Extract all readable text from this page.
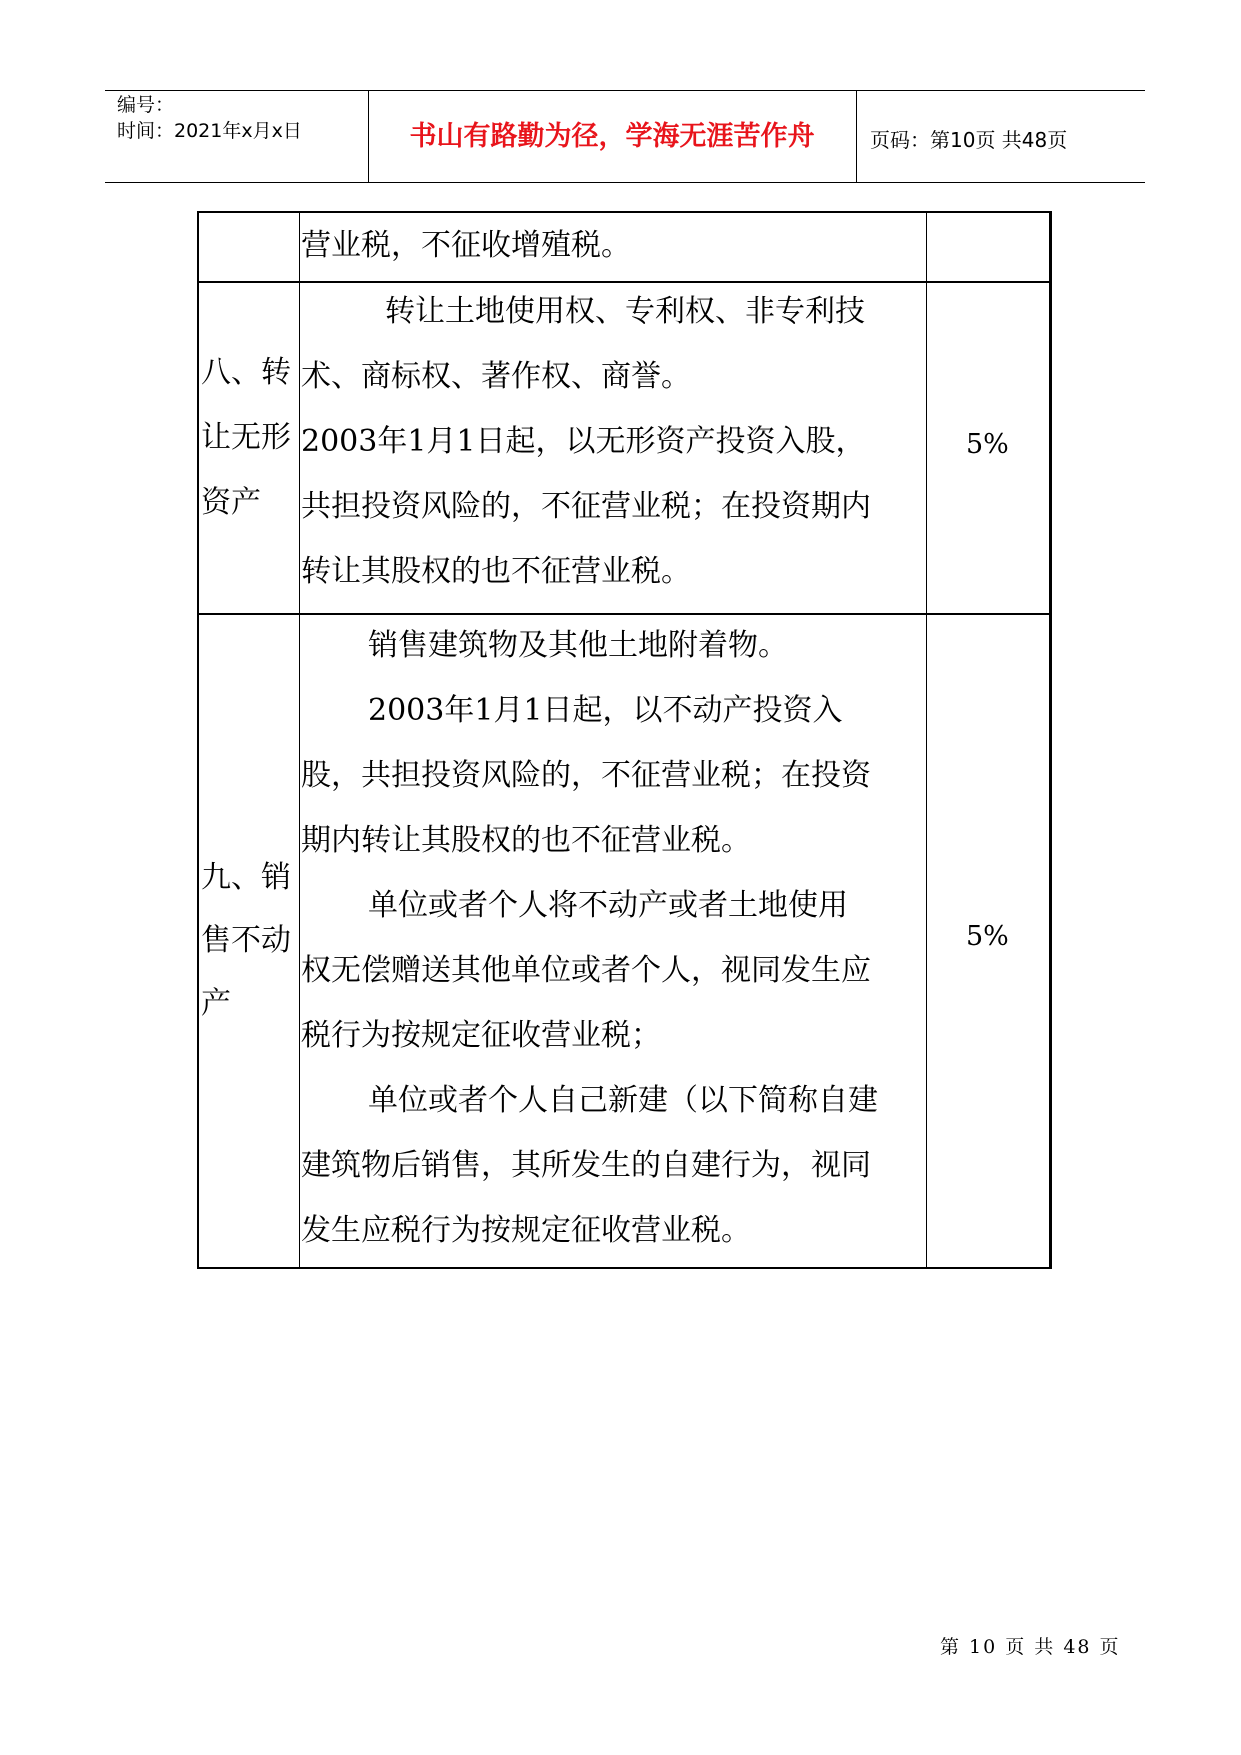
编号：
时间：2021年x月x日	书山有路勤为径，学海无涯苦作舟	页码：第10页 共48页
营业税，不征收增殖税。
八、转
让无形
资产
转让土地使用权、专利权、非专利技
术、商标权、著作权、商誉。
2003年1月1日起，以无形资产投资入股，
共担投资风险的，不征营业税；在投资期内
转让其股权的也不征营业税。
5%
九、销
售不动
产
销售建筑物及其他土地附着物。
2003年1月1日起，以不动产投资入
股，共担投资风险的，不征营业税；在投资
期内转让其股权的也不征营业税。
单位或者个人将不动产或者土地使用
权无偿赠送其他单位或者个人，视同发生应
税行为按规定征收营业税；
单位或者个人自己新建（以下简称自建
建筑物后销售，其所发生的自建行为，视同
发生应税行为按规定征收营业税。
5%
第 10 页 共 48 页
